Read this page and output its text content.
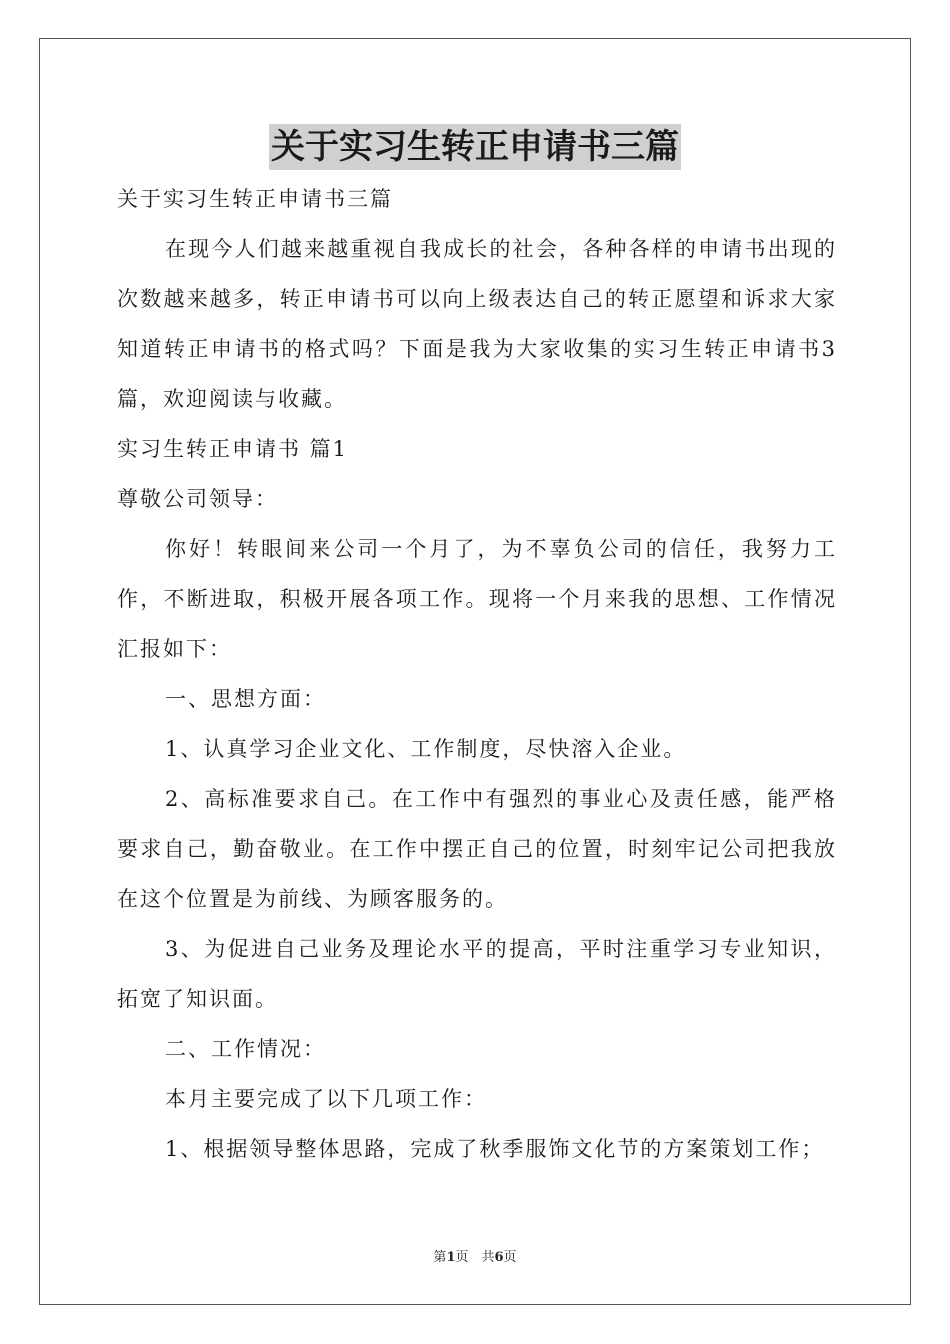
关于实习生转正申请书三篇

关于实习生转正申请书三篇

在现今人们越来越重视自我成长的社会，各种各样的申请书出现的次数越来越多，转正申请书可以向上级表达自己的转正愿望和诉求大家知道转正申请书的格式吗？下面是我为大家收集的实习生转正申请书3篇，欢迎阅读与收藏。

实习生转正申请书 篇1

尊敬公司领导：

你好！转眼间来公司一个月了，为不辜负公司的信任，我努力工作，不断进取，积极开展各项工作。现将一个月来我的思想、工作情况汇报如下：

一、思想方面：

1、认真学习企业文化、工作制度，尽快溶入企业。

2、高标准要求自己。在工作中有强烈的事业心及责任感，能严格要求自己，勤奋敬业。在工作中摆正自己的位置，时刻牢记公司把我放在这个位置是为前线、为顾客服务的。

3、为促进自己业务及理论水平的提高，平时注重学习专业知识，拓宽了知识面。

二、工作情况：

本月主要完成了以下几项工作：

1、根据领导整体思路，完成了秋季服饰文化节的方案策划工作；

第1页　共6页
